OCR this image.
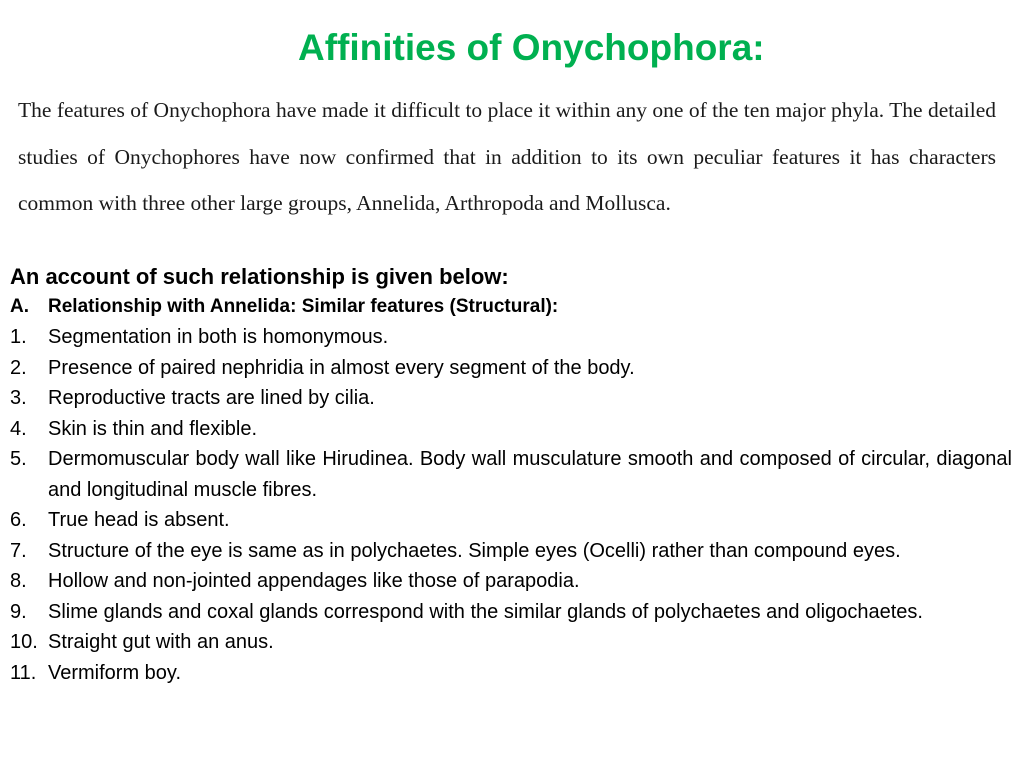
Affinities of Onychophora:
The features of Onychophora have made it difficult to place it within any one of the ten major phyla. The detailed studies of Onychophores have now confirmed that in addition to its own peculiar features it has characters common with three other large groups, Annelida, Arthropoda and Mollusca.
An account of such relationship is given below:
A.	Relationship with Annelida: Similar features (Structural):
1.	Segmentation in both is homonymous.
2.	Presence of paired nephridia in almost every segment of the body.
3.	Reproductive tracts are lined by cilia.
4.	Skin is thin and flexible.
5.	Dermomuscular body wall like Hirudinea. Body wall musculature smooth and composed of circular, diagonal and longitudinal muscle fibres.
6.	True head is absent.
7.	Structure of the eye is same as in polychaetes. Simple eyes (Ocelli) rather than compound eyes.
8.	Hollow and non-jointed appendages like those of parapodia.
9.	Slime glands and coxal glands correspond with the similar glands of polychaetes and oligochaetes.
10. Straight gut with an anus.
11. Vermiform boy.
